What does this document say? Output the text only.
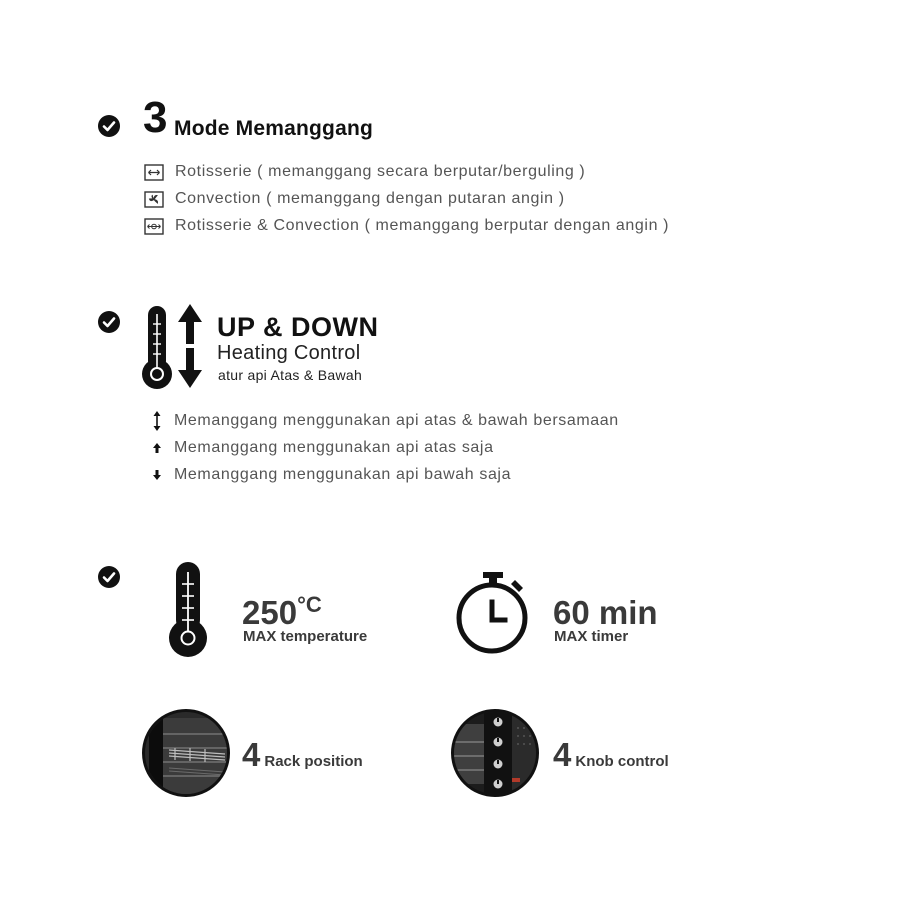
3 Mode Memanggang
Rotisserie ( memanggang secara berputar/berguling )
Convection ( memanggang dengan putaran angin )
Rotisserie & Convection ( memanggang berputar dengan angin )
UP & DOWN
Heating Control
atur api Atas & Bawah
Memanggang menggunakan api atas & bawah bersamaan
Memanggang menggunakan api atas saja
Memanggang menggunakan api bawah saja
$250^{^\circ C}$
MAX temperature
60 min
MAX timer
4 Rack position	4 Knob control
